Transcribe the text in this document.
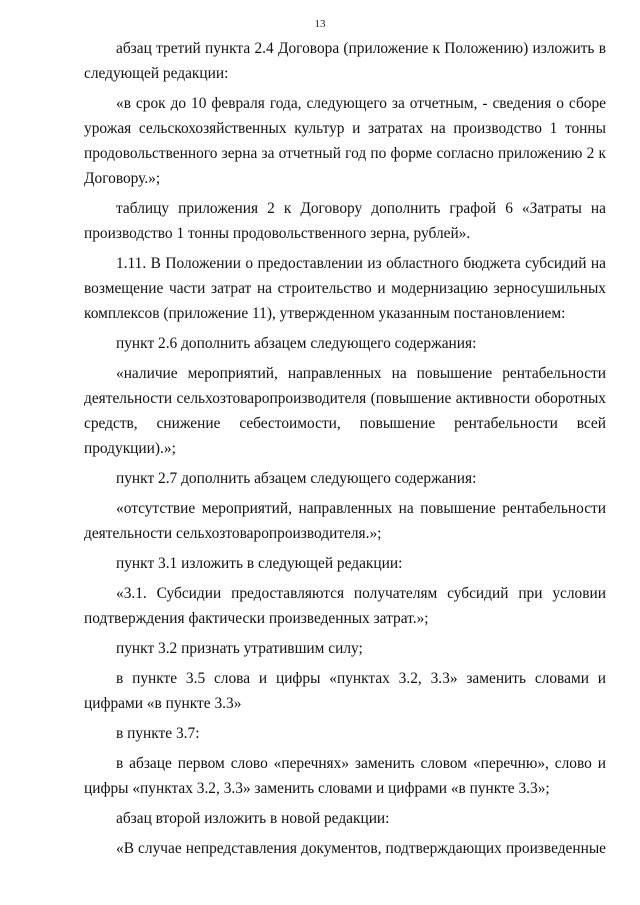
13

абзац третий пункта 2.4 Договора (приложение к Положению) изложить в следующей редакции:

«в срок до 10 февраля года, следующего за отчетным, - сведения о сборе урожая сельскохозяйственных культур и затратах на производство 1 тонны продовольственного зерна за отчетный год по форме согласно приложению 2 к Договору.»;

таблицу приложения 2 к Договору дополнить графой 6 «Затраты на производство 1 тонны продовольственного зерна, рублей».

1.11. В Положении о предоставлении из областного бюджета субсидий на возмещение части затрат на строительство и модернизацию зерносушильных комплексов (приложение 11), утвержденном указанным постановлением:

пункт 2.6 дополнить абзацем следующего содержания:

«наличие мероприятий, направленных на повышение рентабельности деятельности сельхозтоваропроизводителя (повышение активности оборотных средств, снижение себестоимости, повышение рентабельности всей продукции).»;

пункт 2.7 дополнить абзацем следующего содержания:

«отсутствие мероприятий, направленных на повышение рентабельности деятельности сельхозтоваропроизводителя.»;

пункт 3.1 изложить в следующей редакции:

«3.1. Субсидии предоставляются получателям субсидий при условии подтверждения фактически произведенных затрат.»;

пункт 3.2 признать утратившим силу;

в пункте 3.5 слова и цифры «пунктах 3.2, 3.3» заменить словами и цифрами «в пункте 3.3»

в пункте 3.7:

в абзаце первом слово «перечнях» заменить словом «перечню», слово и цифры «пунктах 3.2, 3.3» заменить словами и цифрами «в пункте 3.3»;

абзац второй изложить в новой редакции:

«В случае непредставления документов, подтверждающих произведенные
